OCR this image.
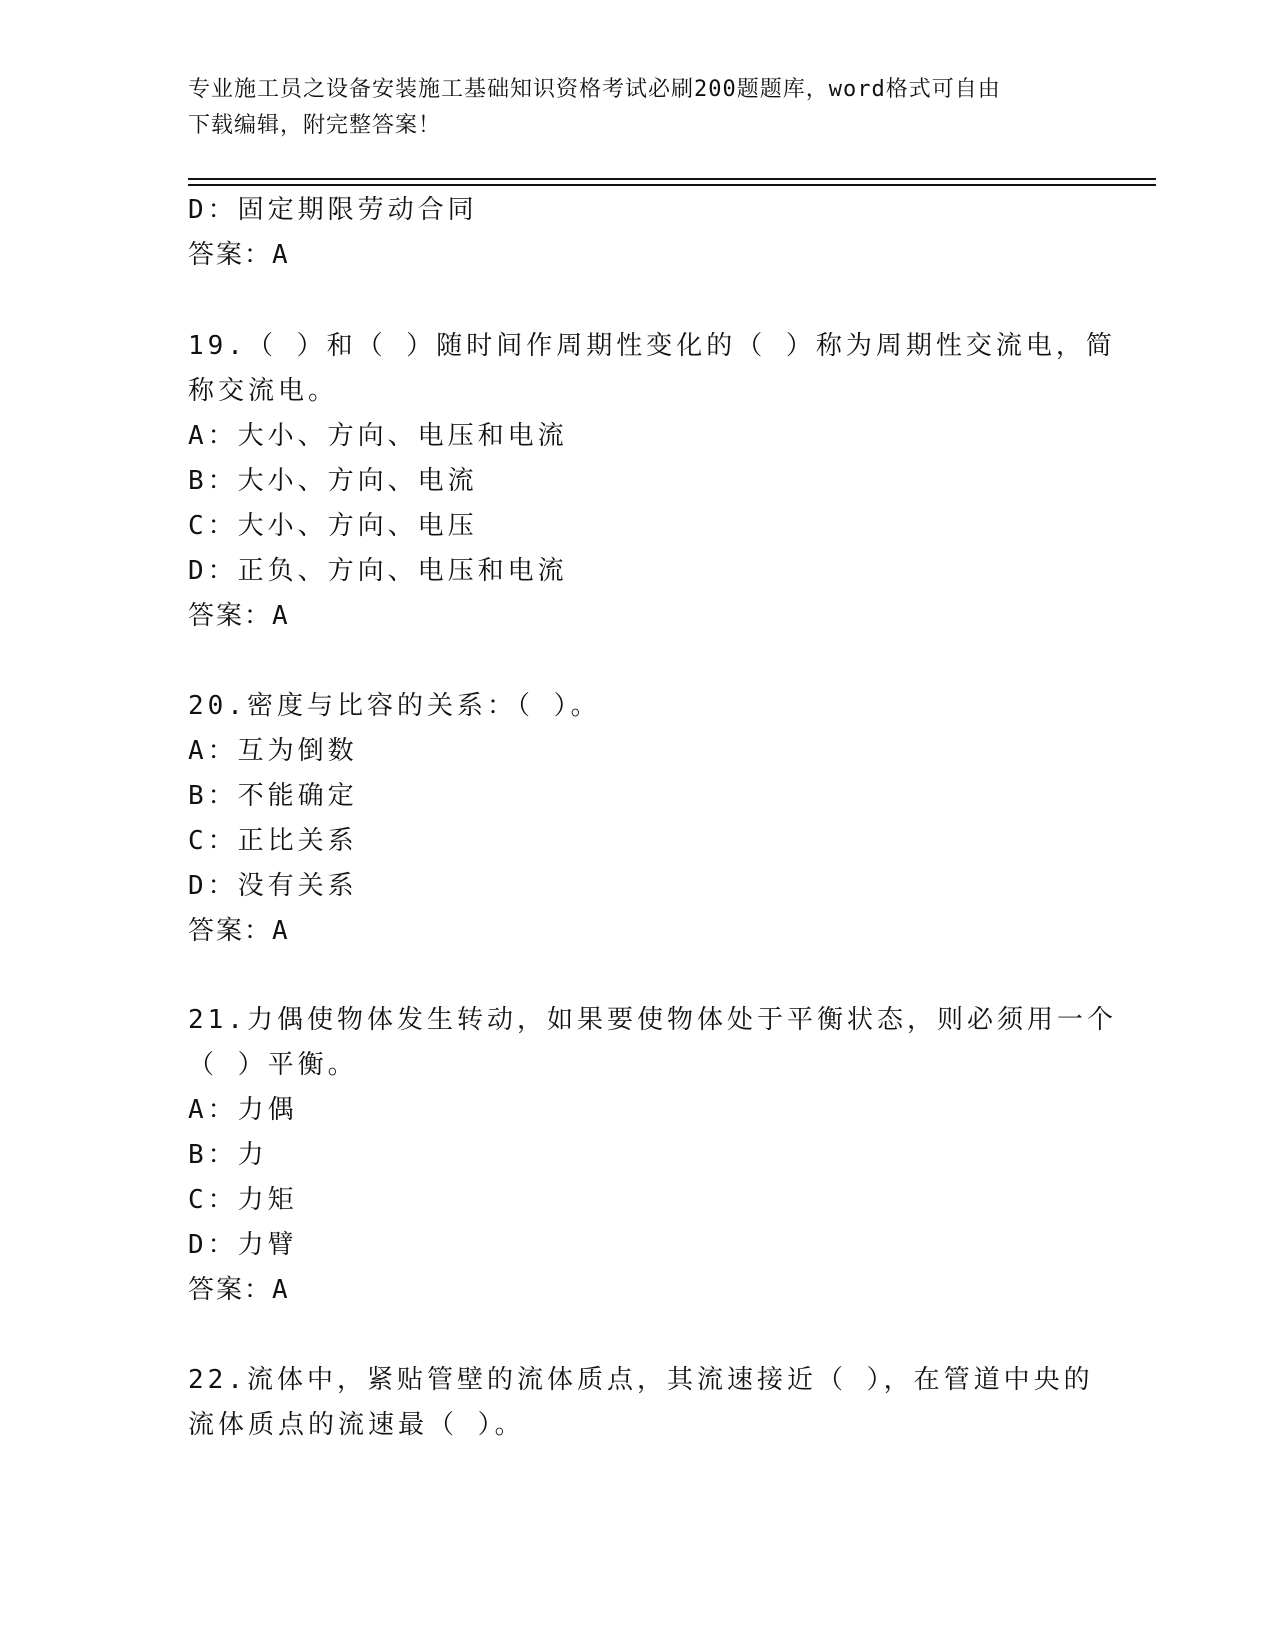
专业施工员之设备安装施工基础知识资格考试必刷200题题库，word格式可自由
下载编辑，附完整答案！
D：固定期限劳动合同
答案：A
19.（ ）和（ ）随时间作周期性变化的（ ）称为周期性交流电，简
称交流电。
A：大小、方向、电压和电流
B：大小、方向、电流
C：大小、方向、电压
D：正负、方向、电压和电流
答案：A
20.密度与比容的关系：（ ）。
A：互为倒数
B：不能确定
C：正比关系
D：没有关系
答案：A
21.力偶使物体发生转动，如果要使物体处于平衡状态，则必须用一个
（ ）平衡。
A：力偶
B：力
C：力矩
D：力臂
答案：A
22.流体中，紧贴管壁的流体质点，其流速接近（ ），在管道中央的
流体质点的流速最（ ）。
